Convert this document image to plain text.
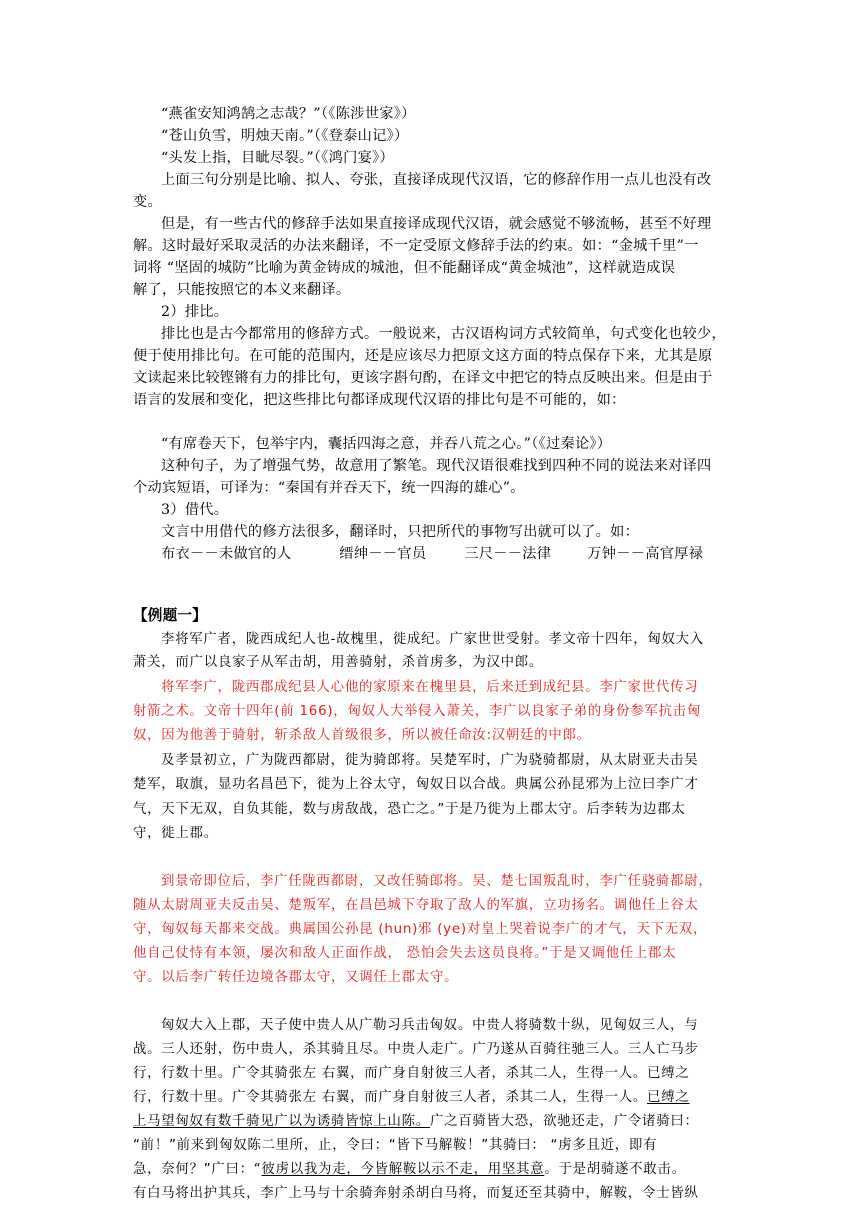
“燕雀安知鸿鹄之志哉？”（《陈涉世家》）
“苍山负雪，明烛天南。”（《登泰山记》）
“头发上指，目眦尽裂。”（《鸿门宴》）
上面三句分别是比喻、拟人、夸张，直接译成现代汉语，它的修辞作用一点儿也没有改
变。
但是，有一些古代的修辞手法如果直接译成现代汉语，就会感觉不够流畅，甚至不好理
解。这时最好采取灵活的办法来翻译，不一定受原文修辞手法的约束。如：“金城千里”一
词将 “坚固的城防”比喻为黄金铸成的城池，但不能翻译成“黄金城池”，这样就造成误
解了，只能按照它的本义来翻译。
2）排比。
排比也是古今都常用的修辞方式。一般说来，古汉语构词方式较简单，句式变化也较少，
便于使用排比句。在可能的范围内，还是应该尽力把原文这方面的特点保存下来，尤其是原
文读起来比较铿锵有力的排比句，更该字斟句酌，在译文中把它的特点反映出来。但是由于
语言的发展和变化，把这些排比句都译成现代汉语的排比句是不可能的，如：
“有席卷天下，包举宇内，囊括四海之意，并吞八荒之心。”（《过秦论》）
这种句子，为了增强气势，故意用了繁笔。现代汉语很难找到四种不同的说法来对译四
个动宾短语，可译为：“秦国有并吞天下，统一四海的雄心”。
3）借代。
文言中用借代的修方法很多，翻译时，只把所代的事物写出就可以了。如：
布衣－－未做官的人	缙绅－－官员	三尺－－法律	万钟－－高官厚禄
【例题一】
李将军广者，陇西成纪人也-故槐里，徙成纪。广家世世受射。孝文帝十四年，匈奴大入
萧关，而广以良家子从军击胡，用善骑射，杀首虏多，为汉中郎。
将军李广，陇西郡成纪县人心他的家原来在槐里县，后来迁到成纪县。李广家世代传习
射箭之术。文帝十四年(前 166)，匈奴人大举侵入萧关，李广以良家子弟的身份参军抗击匈
奴，因为他善于骑射，斩杀敌人首级很多，所以被任命汝:汉朝廷的中郎。
及孝景初立，广为陇西都尉，徙为骑郎将。吴楚军时，广为骁骑都尉，从太尉亚夫击吴
楚军，取旗，显功名昌邑下，徙为上谷太守，匈奴日以合战。典属公孙昆邪为上泣曰李广才
气，天下无双，自负其能，数与虏敌战，恐亡之。”于是乃徙为上郡太守。后李转为边郡太
守，徙上郡。
到景帝即位后，李广任陇西都尉，又改任骑郎将。吴、楚七国叛乱时，李广任骁骑都尉，
随从太尉周亚夫反击吴、楚叛军，在昌邑城下夺取了敌人的军旗，立功扬名。调他任上谷太
守，匈奴每天都来交战。典属国公孙昆 (hun)邪 (ye)对皇上哭着说李广的才气，天下无双，
他自己仗恃有本领，屡次和敌人正面作战， 恐怕会失去这员良将。”于是又调他任上郡太
守。以后李广转任边境各郡太守，又调任上郡太守。
匈奴大入上郡，天子使中贵人从广勒习兵击匈奴。中贵人将骑数十纵，见匈奴三人，与
战。三人还射，伤中贵人，杀其骑且尽。中贵人走广。广乃遂从百骑往驰三人。三人亡马步
行，行数十里。广令其骑张左 右翼，而广身自射彼三人者，杀其二人，生得一人。已缚之
行，行数十里。广令其骑张左 右翼，而广身自射彼三人者，杀其二人，生得一人。已缚之
上马望匈奴有数千骑见广以为诱骑皆惊上山陈。广之百骑皆大恐，欲驰还走，广令诸骑曰：
“前！”前来到匈奴陈二里所，止，令曰：“皆下马解鞍！”其骑曰： “虏多且近，即有
急，奈何？”广曰：“彼虏以我为走，今皆解鞍以示不走，用坚其意。于是胡骑遂不敢击。
有白马将出护其兵，李广上马与十余骑奔射杀胡白马将，而复还至其骑中，解鞍，令士皆纵
